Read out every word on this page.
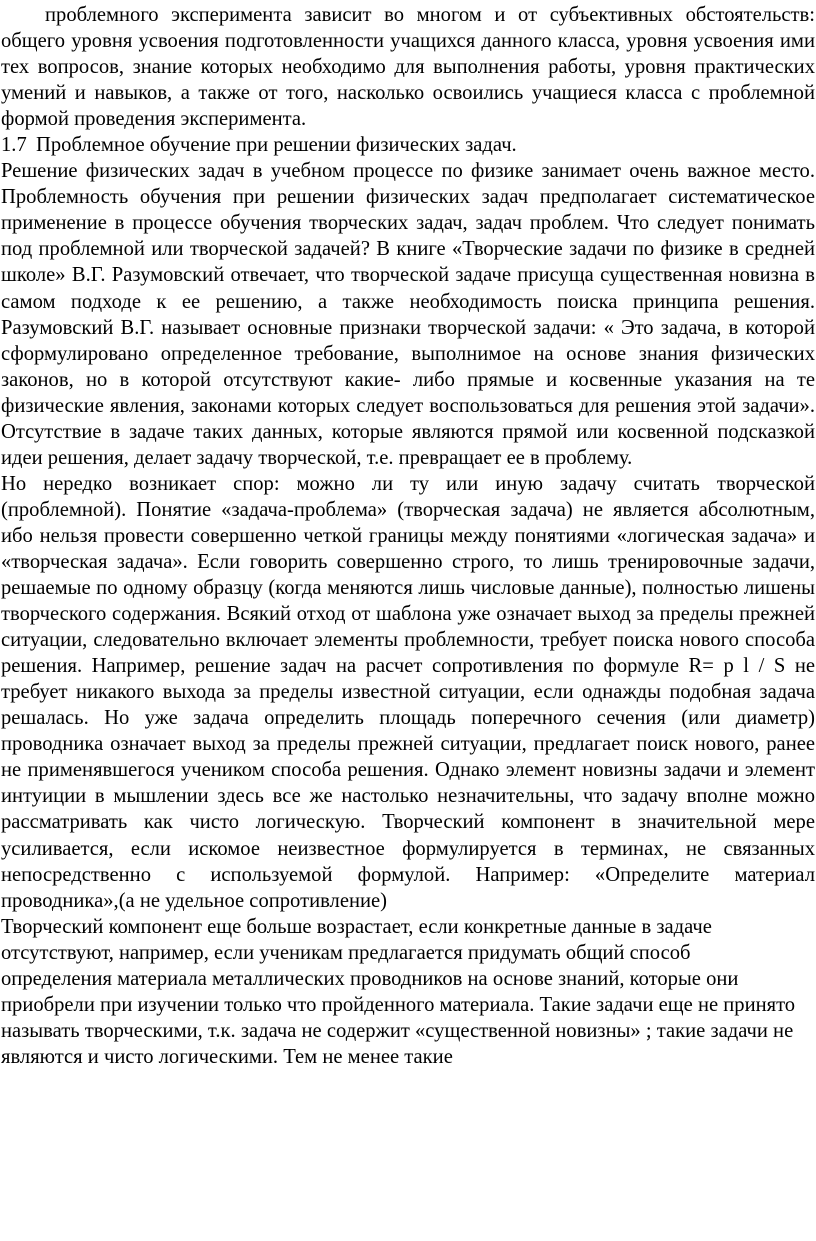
проблемного эксперимента зависит во многом и от субъективных обстоятельств: общего уровня усвоения подготовленности учащихся данного класса, уровня усвоения ими тех вопросов, знание которых необходимо для выполнения работы, уровня практических умений и навыков, а также от того, насколько освоились учащиеся класса с проблемной формой проведения эксперимента.

1.7 Проблемное обучение при решении физических задач.

Решение физических задач в учебном процессе по физике занимает очень важное место. Проблемность обучения при решении физических задач предполагает систематическое применение в процессе обучения творческих задач, задач проблем. Что следует понимать под проблемной или творческой задачей? В книге «Творческие задачи по физике в средней школе» В.Г. Разумовский отвечает, что творческой задаче присуща существенная новизна в самом подходе к ее решению, а также необходимость поиска принципа решения. Разумовский В.Г. называет основные признаки творческой задачи: « Это задача, в которой сформулировано определенное требование, выполнимое на основе знания физических законов, но в которой отсутствуют какие- либо прямые и косвенные указания на те физические явления, законами которых следует воспользоваться для решения этой задачи». Отсутствие в задаче таких данных, которые являются прямой или косвенной подсказкой идеи решения, делает задачу творческой, т.е. превращает ее в проблему.

Но нередко возникает спор: можно ли ту или иную задачу считать творческой (проблемной). Понятие «задача-проблема» (творческая задача) не является абсолютным, ибо нельзя провести совершенно четкой границы между понятиями «логическая задача» и «творческая задача». Если говорить совершенно строго, то лишь тренировочные задачи, решаемые по одному образцу (когда меняются лишь числовые данные), полностью лишены творческого содержания. Всякий отход от шаблона уже означает выход за пределы прежней ситуации, следовательно включает элементы проблемности, требует поиска нового способа решения. Например, решение задач на расчет сопротивления по формуле R= p l / S не требует никакого выхода за пределы известной ситуации, если однажды подобная задача решалась. Но уже задача определить площадь поперечного сечения (или диаметр) проводника означает выход за пределы прежней ситуации, предлагает поиск нового, ранее не применявшегося учеником способа решения. Однако элемент новизны задачи и элемент интуиции в мышлении здесь все же настолько незначительны, что задачу вполне можно рассматривать как чисто логическую. Творческий компонент в значительной мере усиливается, если искомое неизвестное формулируется в терминах, не связанных непосредственно с используемой формулой. Например: «Определите материал проводника»,(а не удельное сопротивление)

Творческий компонент еще больше возрастает, если конкретные данные в задаче отсутствуют, например, если ученикам предлагается придумать общий способ определения материала металлических проводников на основе знаний, которые они приобрели при изучении только что пройденного материала. Такие задачи еще не принято называть творческими, т.к. задача не содержит «существенной новизны» ; такие задачи не являются и чисто логическими. Тем не менее такие
